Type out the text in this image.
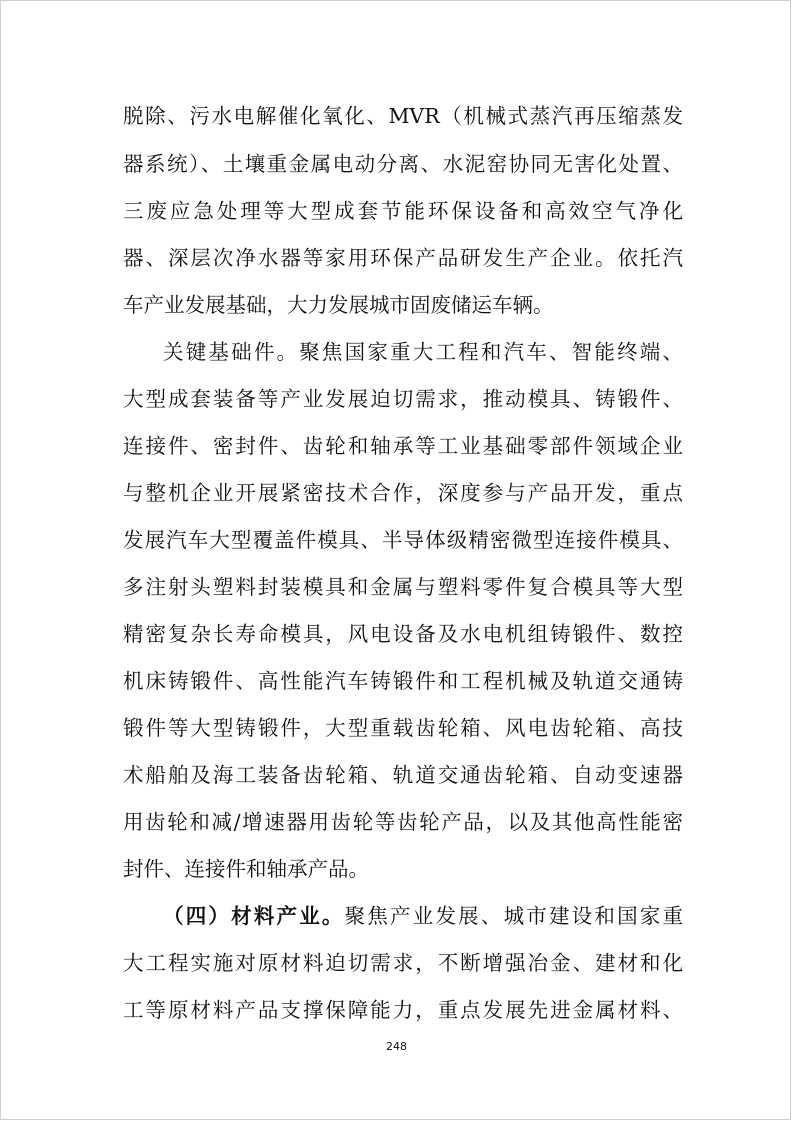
脱除、污水电解催化氧化、MVR（机械式蒸汽再压缩蒸发
器系统）、土壤重金属电动分离、水泥窑协同无害化处置、
三废应急处理等大型成套节能环保设备和高效空气净化
器、深层次净水器等家用环保产品研发生产企业。依托汽
车产业发展基础，大力发展城市固废储运车辆。
关键基础件。聚焦国家重大工程和汽车、智能终端、
大型成套装备等产业发展迫切需求，推动模具、铸锻件、
连接件、密封件、齿轮和轴承等工业基础零部件领域企业
与整机企业开展紧密技术合作，深度参与产品开发，重点
发展汽车大型覆盖件模具、半导体级精密微型连接件模具、
多注射头塑料封装模具和金属与塑料零件复合模具等大型
精密复杂长寿命模具，风电设备及水电机组铸锻件、数控
机床铸锻件、高性能汽车铸锻件和工程机械及轨道交通铸
锻件等大型铸锻件，大型重载齿轮箱、风电齿轮箱、高技
术船舶及海工装备齿轮箱、轨道交通齿轮箱、自动变速器
用齿轮和减/增速器用齿轮等齿轮产品，以及其他高性能密
封件、连接件和轴承产品。
（四）材料产业。聚焦产业发展、城市建设和国家重
大工程实施对原材料迫切需求，不断增强冶金、建材和化
工等原材料产品支撑保障能力，重点发展先进金属材料、
248
